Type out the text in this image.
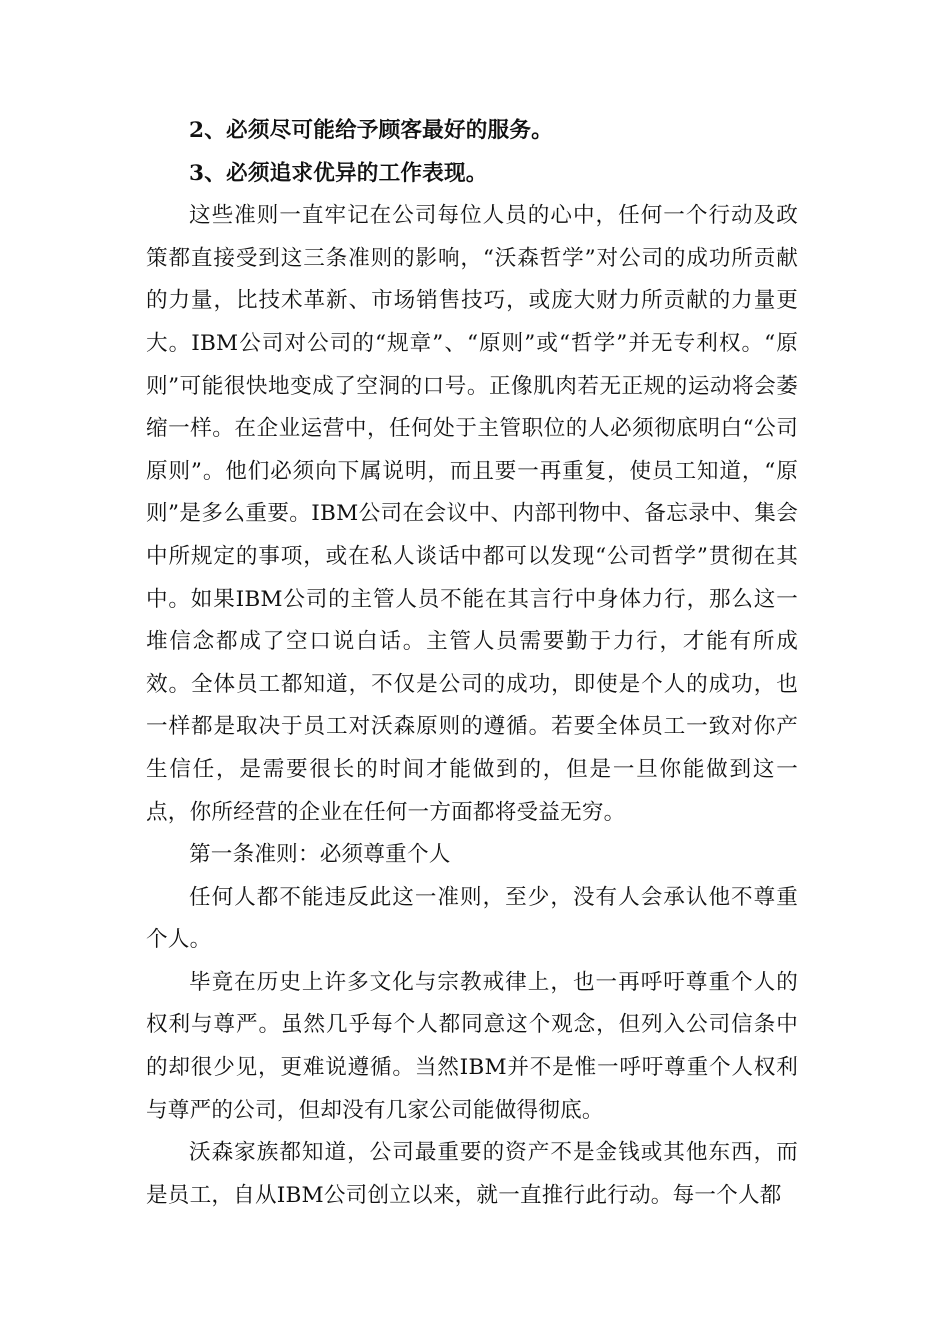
2、必须尽可能给予顾客最好的服务。

3、必须追求优异的工作表现。

这些准则一直牢记在公司每位人员的心中，任何一个行动及政策都直接受到这三条准则的影响，“沃森哲学”对公司的成功所贡献的力量，比技术革新、市场销售技巧，或庞大财力所贡献的力量更大。IBM公司对公司的“规章”、“原则”或“哲学”并无专利权。“原则”可能很快地变成了空洞的口号。正像肌肉若无正规的运动将会萎缩一样。在企业运营中，任何处于主管职位的人必须彻底明白“公司原则”。他们必须向下属说明，而且要一再重复，使员工知道，“原则”是多么重要。IBM公司在会议中、内部刊物中、备忘录中、集会中所规定的事项，或在私人谈话中都可以发现“公司哲学”贯彻在其中。如果IBM公司的主管人员不能在其言行中身体力行，那么这一堆信念都成了空口说白话。主管人员需要勤于力行，才能有所成效。全体员工都知道，不仅是公司的成功，即使是个人的成功，也一样都是取决于员工对沃森原则的遵循。若要全体员工一致对你产生信任，是需要很长的时间才能做到的，但是一旦你能做到这一点，你所经营的企业在任何一方面都将受益无穷。

第一条准则：必须尊重个人

任何人都不能违反此这一准则，至少，没有人会承认他不尊重个人。

毕竟在历史上许多文化与宗教戒律上，也一再呼吁尊重个人的权利与尊严。虽然几乎每个人都同意这个观念，但列入公司信条中的却很少见，更难说遵循。当然IBM并不是惟一呼吁尊重个人权利与尊严的公司，但却没有几家公司能做得彻底。

沃森家族都知道，公司最重要的资产不是金钱或其他东西，而是员工，自从IBM公司创立以来，就一直推行此行动。每一个人都
